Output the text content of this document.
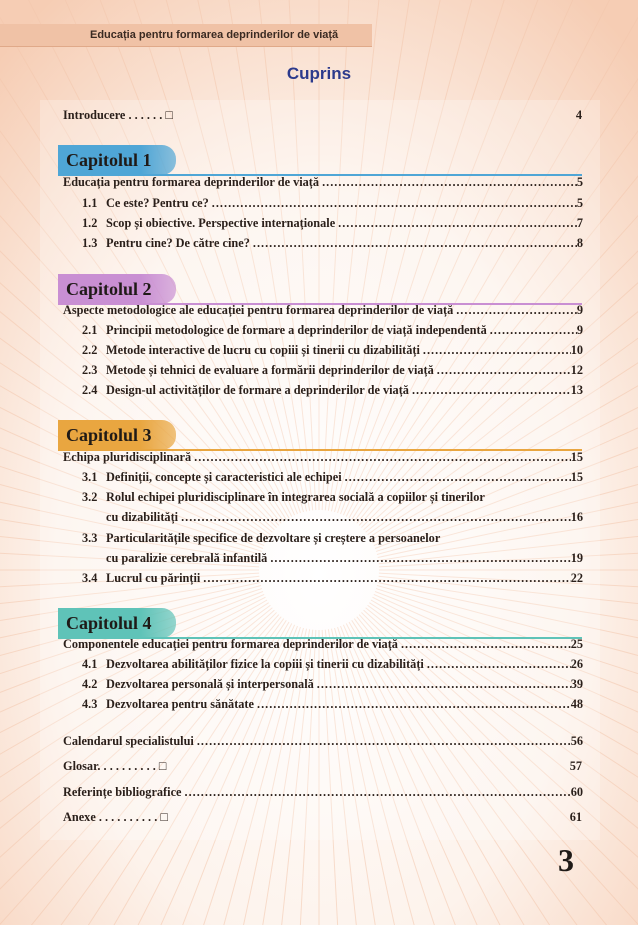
Educația pentru formarea deprinderilor de viață
Cuprins
Introducere . . . . . . □	4
Capitolul 1
Educația pentru formarea deprinderilor de viață .....	5
1.1 Ce este? Pentru ce? .....	5
1.2 Scop și obiective. Perspective internaționale .....	7
1.3 Pentru cine? De către cine? .....	8
Capitolul 2
Aspecte metodologice ale educației pentru formarea deprinderilor de viață .....	9
2.1 Principii metodologice de formare a deprinderilor de viață independentă .....	9
2.2 Metode interactive de lucru cu copiii și tinerii cu dizabilități .....	10
2.3 Metode și tehnici de evaluare a formării deprinderilor de viață .....	12
2.4 Design-ul activităților de formare a deprinderilor de viață .....	13
Capitolul 3
Echipa pluridisciplinară .....	15
3.1 Definiții, concepte și caracteristici ale echipei .....	15
3.2 Rolul echipei pluridisciplinare în integrarea socială a copiilor și tinerilor
cu dizabilități .....	16
3.3 Particularitățile specifice de dezvoltare și creștere a persoanelor
cu paralizie cerebrală infantilă .....	19
3.4 Lucrul cu părinții .....	22
Capitolul 4
Componentele educației pentru formarea deprinderilor de viață .....	25
4.1 Dezvoltarea abilităților fizice la copiii și tinerii cu dizabilități .....	26
4.2 Dezvoltarea personală și interpersonală .....	39
4.3 Dezvoltarea pentru sănătate .....	48
Calendarul specialistului .....	56
Glosar. . . . . . . . . . □	57
Referințe bibliografice .....	60
Anexe . . . . . . . . . . □	61
3
